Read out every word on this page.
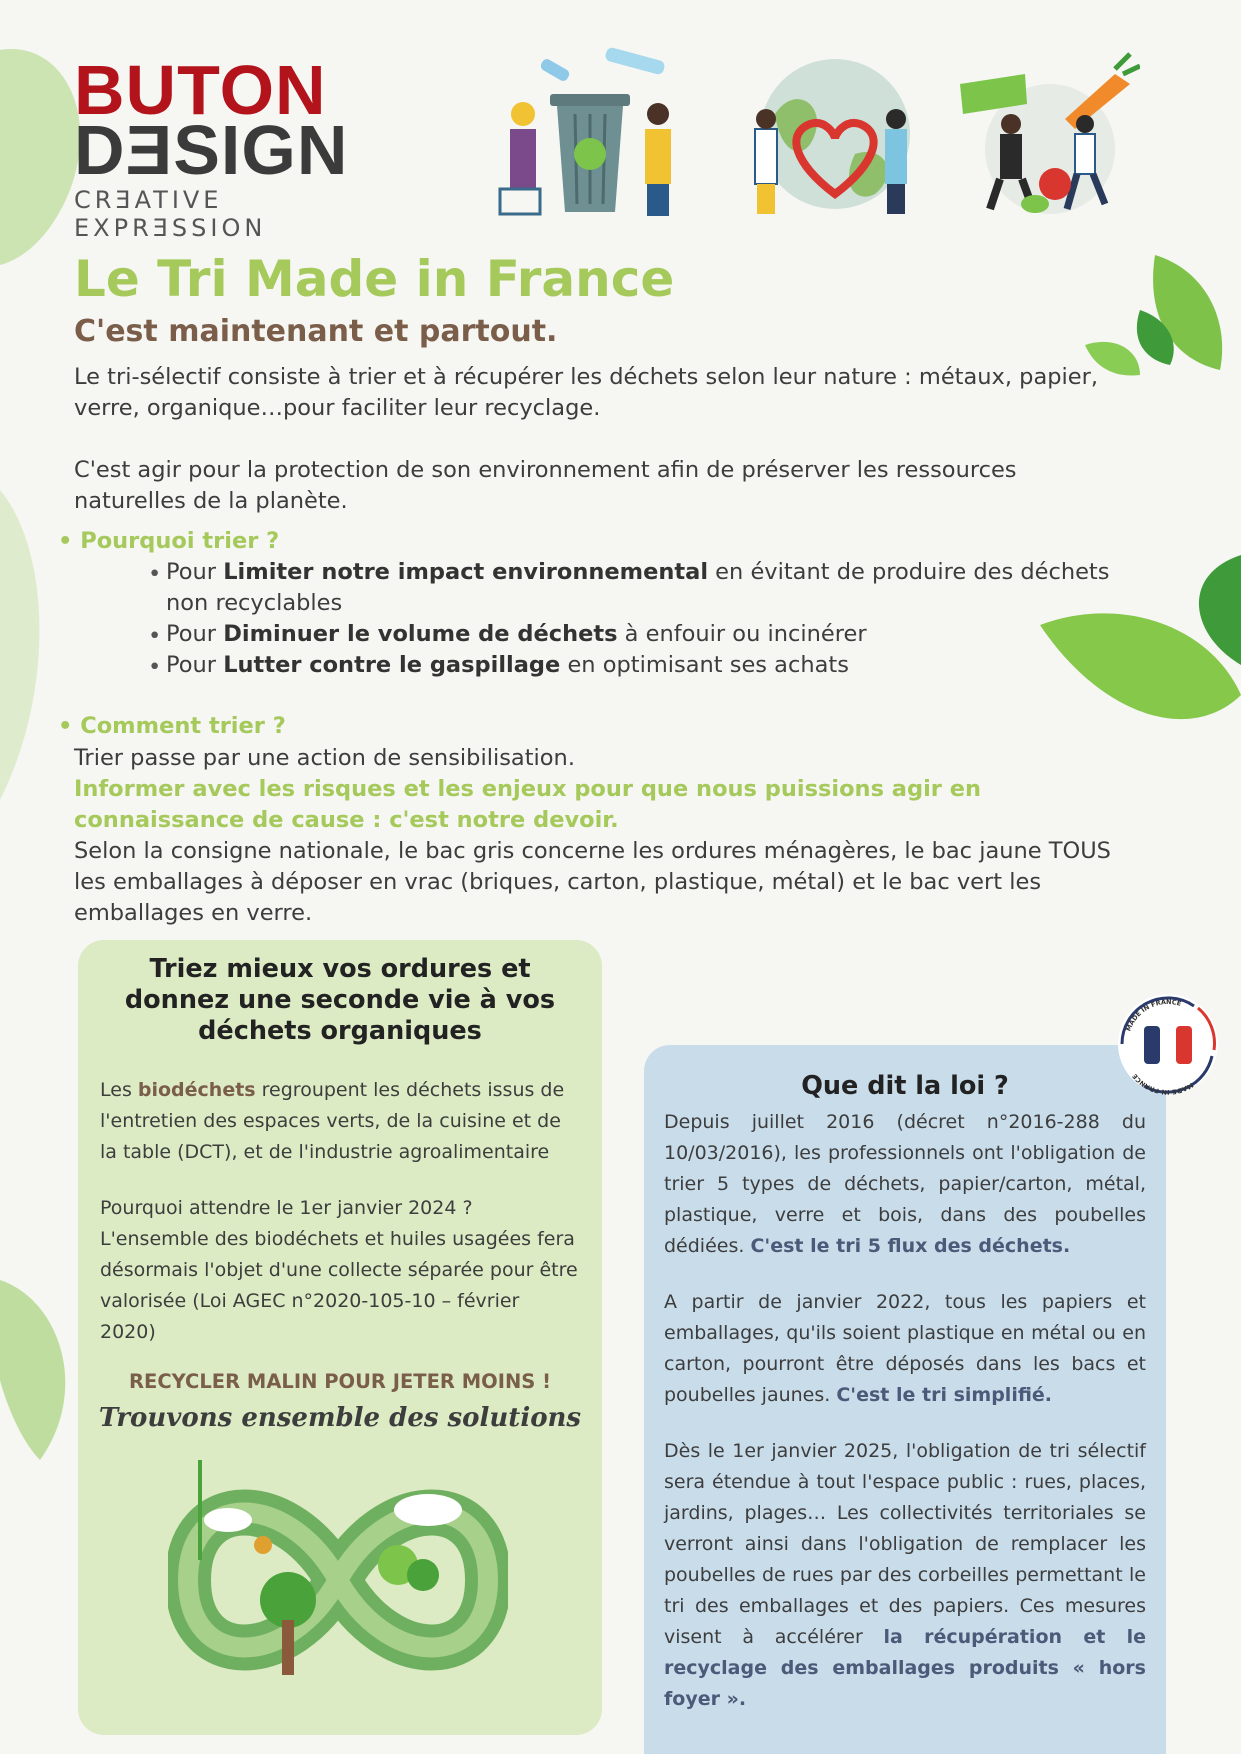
BUTON
DƎSIGN
CRƎATIVE EXPRƎSSION
Le Tri Made in France
C'est maintenant et partout.

Le tri-sélectif consiste à trier et à récupérer les déchets selon leur nature : métaux, papier, verre, organique…pour faciliter leur recyclage.

C'est agir pour la protection de son environnement afin de préserver les ressources naturelles de la planète.

• Pourquoi trier ?
• Pour Limiter notre impact environnemental en évitant de produire des déchets non recyclables
• Pour Diminuer le volume de déchets à enfouir ou incinérer
• Pour Lutter contre le gaspillage en optimisant ses achats
• Comment trier ?

Trier passe par une action de sensibilisation.
Informer avec les risques et les enjeux pour que nous puissions agir en connaissance de cause : c'est notre devoir.
Selon la consigne nationale, le bac gris concerne les ordures ménagères, le bac jaune TOUS les emballages à déposer en vrac (briques, carton, plastique, métal) et le bac vert les emballages en verre.

Triez mieux vos ordures et donnez une seconde vie à vos déchets organiques

Les biodéchets regroupent les déchets issus de l'entretien des espaces verts, de la cuisine et de la table (DCT), et de l'industrie agroalimentaire

Pourquoi attendre le 1er janvier 2024 ? L'ensemble des biodéchets et huiles usagées fera désormais l'objet d'une collecte séparée pour être valorisée (Loi AGEC n°2020-105-10 – février 2020)

RECYCLER MALIN POUR JETER MOINS !
Trouvons ensemble des solutions

Que dit la loi ?

Depuis juillet 2016 (décret n°2016-288 du 10/03/2016), les professionnels ont l'obligation de trier 5 types de déchets, papier/carton, métal, plastique, verre et bois, dans des poubelles dédiées. C'est le tri 5 flux des déchets.

A partir de janvier 2022, tous les papiers et emballages, qu'ils soient plastique en métal ou en carton, pourront être déposés dans les bacs et poubelles jaunes. C'est le tri simplifié.

Dès le 1er janvier 2025, l'obligation de tri sélectif sera étendue à tout l'espace public : rues, places, jardins, plages… Les collectivités territoriales se verront ainsi dans l'obligation de remplacer les poubelles de rues par des corbeilles permettant le tri des emballages et des papiers. Ces mesures visent à accélérer la récupération et le recyclage des emballages produits « hors foyer ».

MADE IN FRANCE
MADE IN FRANCE
